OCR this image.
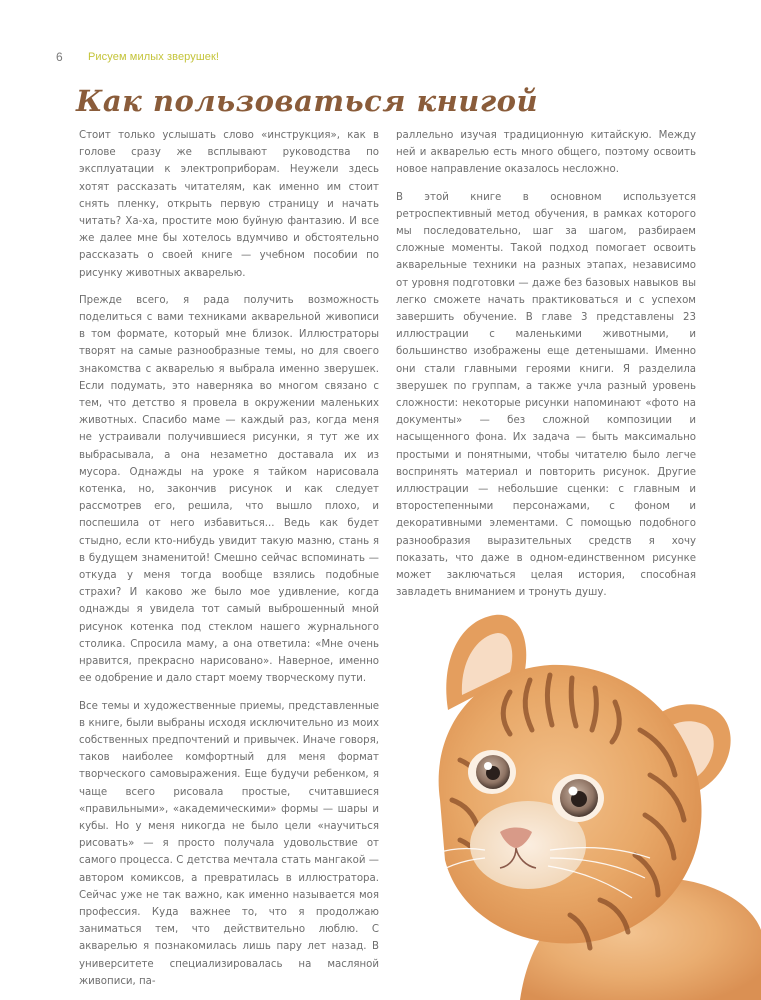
6 Рисуем милых зверушек!
Как пользоваться книгой

Стоит только услышать слово «инструкция», как в голове сразу же всплывают руководства по эксплуатации к электроприборам. Неужели здесь хотят рассказать читателям, как именно им стоит снять пленку, открыть первую страницу и начать читать? Ха-ха, простите мою буйную фантазию. И все же далее мне бы хотелось вдумчиво и обстоятельно рассказать о своей книге — учебном пособии по рисунку животных акварелью.

Прежде всего, я рада получить возможность поделиться с вами техниками акварельной живописи в том формате, который мне близок. Иллюстраторы творят на самые разнообразные темы, но для своего знакомства с акварелью я выбрала именно зверушек. Если подумать, это наверняка во многом связано с тем, что детство я провела в окружении маленьких животных. Спасибо маме — каждый раз, когда меня не устраивали получившиеся рисунки, я тут же их выбрасывала, а она незаметно доставала их из мусора. Однажды на уроке я тайком нарисовала котенка, но, закончив рисунок и как следует рассмотрев его, решила, что вышло плохо, и поспешила от него избавиться... Ведь как будет стыдно, если кто-нибудь увидит такую мазню, стань я в будущем знаменитой! Смешно сейчас вспоминать — откуда у меня тогда вообще взялись подобные страхи? И каково же было мое удивление, когда однажды я увидела тот самый выброшенный мной рисунок котенка под стеклом нашего журнального столика. Спросила маму, а она ответила: «Мне очень нравится, прекрасно нарисовано». Наверное, именно ее одобрение и дало старт моему творческому пути.

Все темы и художественные приемы, представленные в книге, были выбраны исходя исключительно из моих собственных предпочтений и привычек. Иначе говоря, таков наиболее комфортный для меня формат творческого самовыражения. Еще будучи ребенком, я чаще всего рисовала простые, считавшиеся «правильными», «академическими» формы — шары и кубы. Но у меня никогда не было цели «научиться рисовать» — я просто получала удовольствие от самого процесса. С детства мечтала стать мангакой — автором комиксов, а превратилась в иллюстратора. Сейчас уже не так важно, как именно называется моя профессия. Куда важнее то, что я продолжаю заниматься тем, что действительно люблю. С акварелью я познакомилась лишь пару лет назад. В университете специализировалась на масляной живописи, па-

раллельно изучая традиционную китайскую. Между ней и акварелью есть много общего, поэтому освоить новое направление оказалось несложно.

В этой книге в основном используется ретроспективный метод обучения, в рамках которого мы последовательно, шаг за шагом, разбираем сложные моменты. Такой подход помогает освоить акварельные техники на разных этапах, независимо от уровня подготовки — даже без базовых навыков вы легко сможете начать практиковаться и с успехом завершить обучение. В главе 3 представлены 23 иллюстрации с маленькими животными, и большинство изображены еще детенышами. Именно они стали главными героями книги. Я разделила зверушек по группам, а также учла разный уровень сложности: некоторые рисунки напоминают «фото на документы» — без сложной композиции и насыщенного фона. Их задача — быть максимально простыми и понятными, чтобы читателю было легче воспринять материал и повторить рисунок. Другие иллюстрации — небольшие сценки: с главным и второстепенными персонажами, с фоном и декоративными элементами. С помощью подобного разнообразия выразительных средств я хочу показать, что даже в одном-единственном рисунке может заключаться целая история, способная завладеть вниманием и тронуть душу.
